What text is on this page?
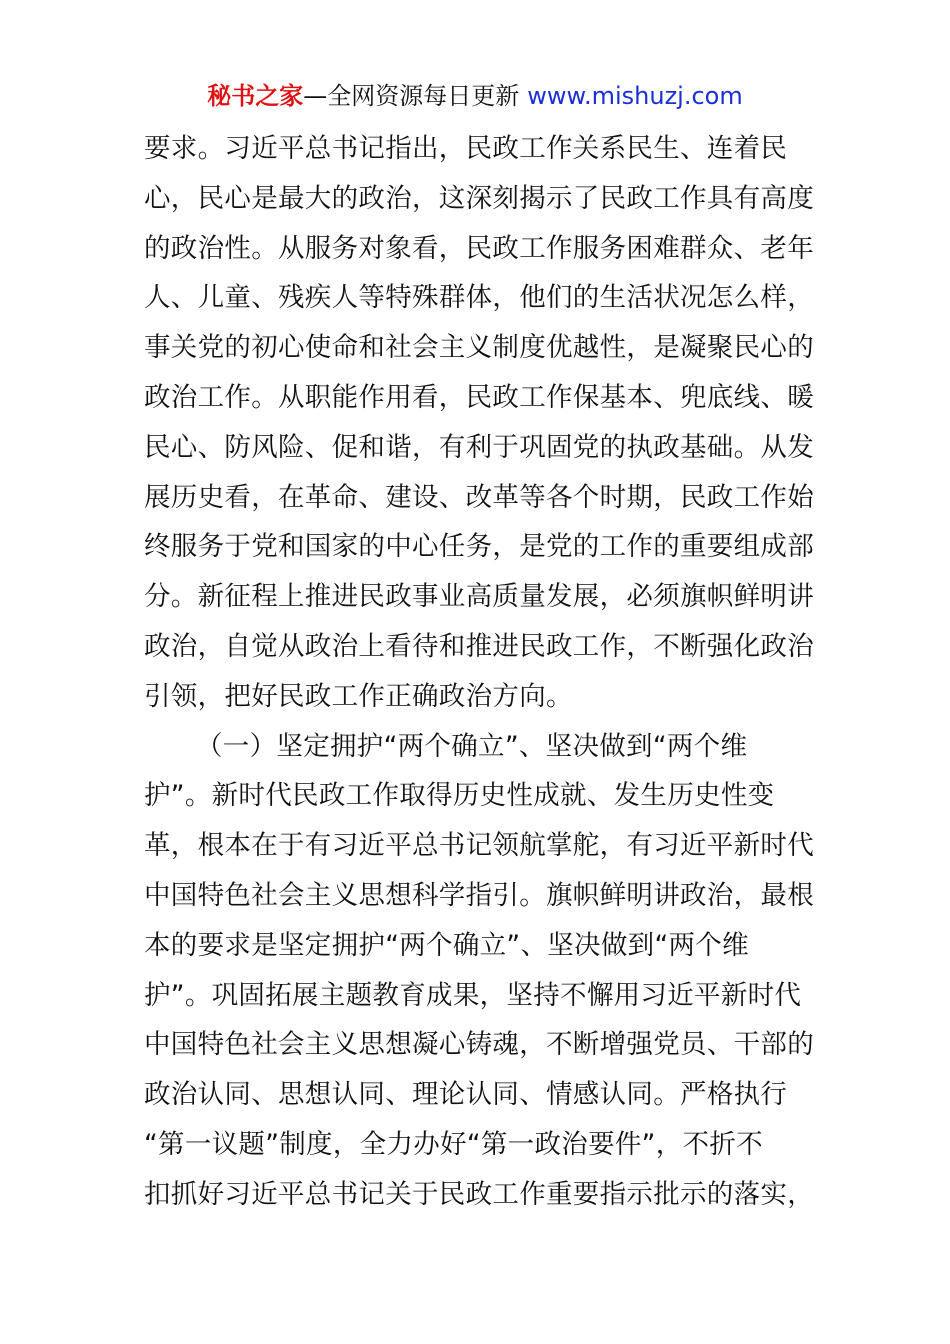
秘书之家—全网资源每日更新 www.mishuzj.com
要求。习近平总书记指出，民政工作关系民生、连着民
心，民心是最大的政治，这深刻揭示了民政工作具有高度
的政治性。从服务对象看，民政工作服务困难群众、老年
人、儿童、残疾人等特殊群体，他们的生活状况怎么样，
事关党的初心使命和社会主义制度优越性，是凝聚民心的
政治工作。从职能作用看，民政工作保基本、兜底线、暖
民心、防风险、促和谐，有利于巩固党的执政基础。从发
展历史看，在革命、建设、改革等各个时期，民政工作始
终服务于党和国家的中心任务，是党的工作的重要组成部
分。新征程上推进民政事业高质量发展，必须旗帜鲜明讲
政治，自觉从政治上看待和推进民政工作，不断强化政治
引领，把好民政工作正确政治方向。
（一）坚定拥护“两个确立”、坚决做到“两个维
护”。新时代民政工作取得历史性成就、发生历史性变
革，根本在于有习近平总书记领航掌舵，有习近平新时代
中国特色社会主义思想科学指引。旗帜鲜明讲政治，最根
本的要求是坚定拥护“两个确立”、坚决做到“两个维
护”。巩固拓展主题教育成果，坚持不懈用习近平新时代
中国特色社会主义思想凝心铸魂，不断增强党员、干部的
政治认同、思想认同、理论认同、情感认同。严格执行
“第一议题”制度，全力办好“第一政治要件”，不折不
扣抓好习近平总书记关于民政工作重要指示批示的落实，
